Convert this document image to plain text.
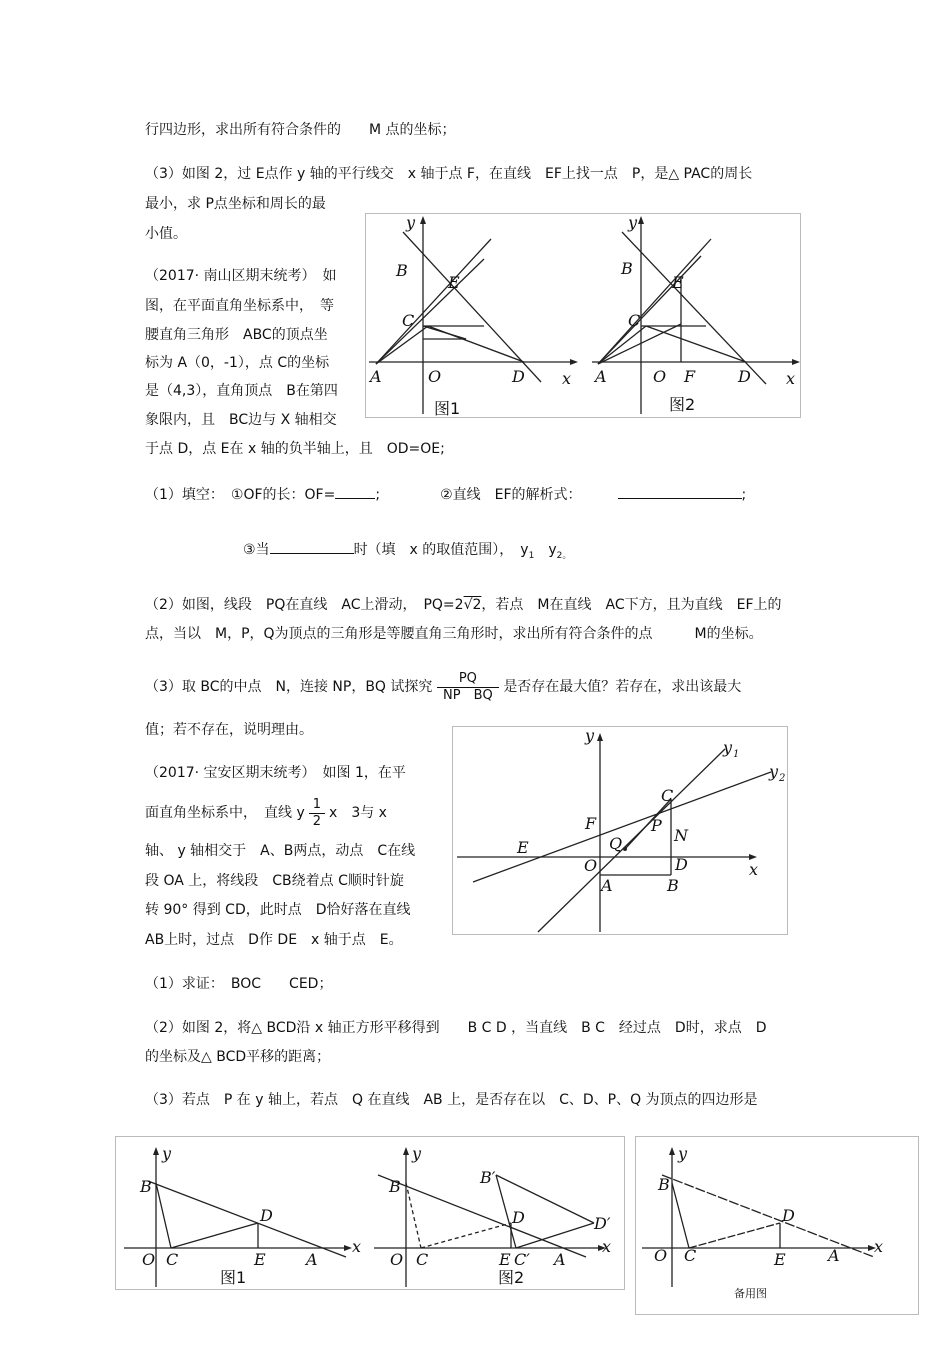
行四边形，求出所有符合条件的　　M 点的坐标；
（3）如图 2，过 E点作 y 轴的平行线交　x 轴于点 F，在直线　EF上找一点　P，是△ PAC的周长
最小，求 P点坐标和周长的最
小值。
（2017· 南山区期末统考）　如
图，在平面直角坐标系中，　等
腰直角三角形　ABC的顶点坐
标为 A（0，-1），点 C的坐标
是（4,3），直角顶点　B在第四
象限内，且　BC边与 X 轴相交
于点 D，点 E在 x 轴的负半轴上，且　OD=OE;
（1）填空：　①OF的长：OF=	;	②直线　EF的解析式：	;
③当	时（填　x 的取值范围），　$y_1$　$y_{2。}$
（2）如图，线段　PQ在直线　AC上滑动，　PQ=2√2，若点　M在直线　AC下方，且为直线　EF上的
点，当以　M，P，Q为顶点的三角形是等腰直角三角形时，求出所有符合条件的点　　　M的坐标。
（3）取 BC的中点　N，连接 NP，BQ 试探究 $\frac{PQ}{\text{NP　BQ}}$ 是否存在最大值？若存在，求出该最大
值；若不存在，说明理由。
（2017· 宝安区期末统考）　如图 1，在平
面直角坐标系中，　直线 y $\frac{1}{2}$ x　3与 x
轴、 y 轴相交于　A、B两点，动点　C在线
段 OA 上，将线段　CB绕着点 C顺时针旋
转 90° 得到 CD，此时点　D恰好落在直线
AB上时，过点　D作 DE　x 轴于点　E。
（1）求证：　BOC　　CED；
（2）如图 2，将△ BCD沿 x 轴正方形平移得到　　B C D ，当直线　B C　经过点　D时，求点　D
的坐标及△ BCD平移的距离；
（3）若点　P 在 y 轴上，若点　Q 在直线　AB 上，是否存在以　C、D、P、Q 为顶点的四边形是
y
x
A	O	D
B
C
E
图1
y
x
A	O F	D
B
C
E
图2
y
x
y 1
y 2
C
F	P
N
Q
E
O	D
A	B
y
x
B
D
O C	E	A
图1
y
x
B	B′
D	D′
O C	E C′ A
图2
y
x
B
D
O C	E	A
备用图
